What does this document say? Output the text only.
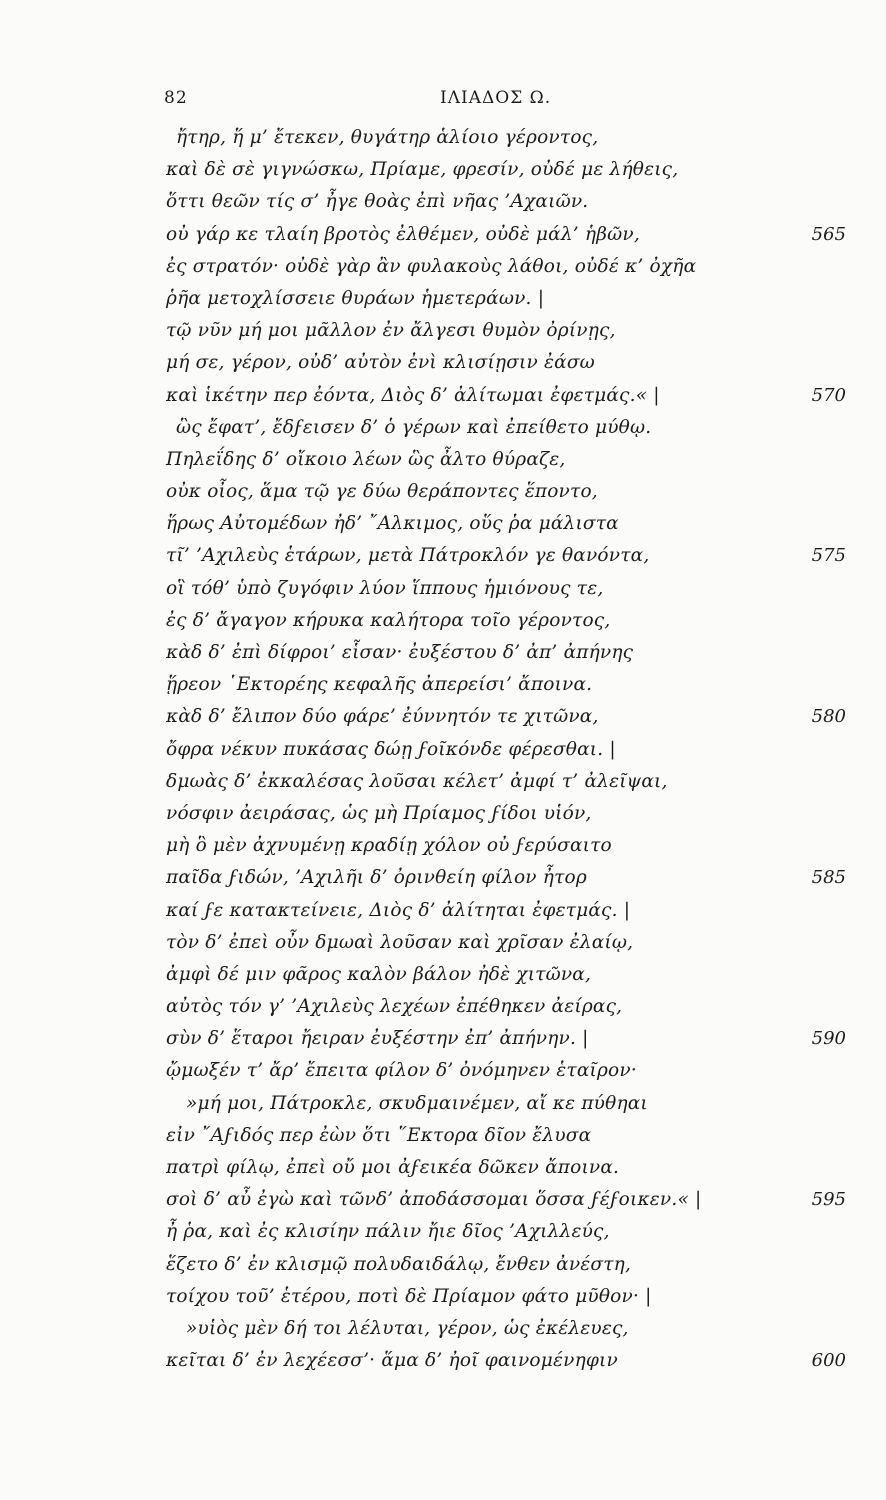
82	ΙΛΙΑΔΟΣ Ω.
ἤτηρ, ἥ μ’ ἔτεκεν, θυγάτηρ ἁλίοιο γέροντος,
καὶ δὲ σὲ γιγνώσκω, Πρίαμε, φρεσίν, οὐδέ με λήθεις,
ὅττι θεῶν τίς σ’ ἦγε θοὰς ἐπὶ νῆας ’Αχαιῶν.
οὐ γάρ κε τλαίη βροτὸς ἐλθέμεν, οὐδὲ μάλ’ ἡβῶν,	565
ἐς στρατόν· οὐδὲ γὰρ ἂν φυλακοὺς λάθοι, οὐδέ κ’ ὀχῆα
ῥῆα μετοχλίσσειε θυράων ἡμετεράων. |
τῷ νῦν μή μοι μᾶλλον ἐν ἄλγεσι θυμὸν ὀρίνῃς,
μή σε, γέρον, οὐδ’ αὐτὸν ἐνὶ κλισίῃσιν ἐάσω
καὶ ἱκέτην περ ἐόντα, Διὸς δ’ ἀλίτωμαι ἐφετμάς.« |	570
ὣς ἔφατ’, ἔδϝεισεν δ’ ὁ γέρων καὶ ἐπείθετο μύθῳ.
Πηλεΐδης δ’ οἴκοιο λέων ὣς ἆλτο θύραζε,
οὐκ οἶος, ἅμα τῷ γε δύω θεράποντες ἕποντο,
ἥρως Αὐτομέδων ἠδ’ ῎Αλκιμος, οὕς ῥα μάλιστα
τῖ’ ’Αχιλεὺς ἑτάρων, μετὰ Πάτροκλόν γε θανόντα,	575
οἳ τόθ’ ὑπὸ ζυγόφιν λύον ἵππους ἡμιόνους τε,
ἐς δ’ ἄγαγον κήρυκα καλήτορα τοῖο γέροντος,
κὰδ δ’ ἐπὶ δίφροι’ εἷσαν· ἐυξέστου δ’ ἀπ’ ἀπήνης
ᾕρεον ῾Εκτορέης κεφαλῆς ἀπερείσι’ ἄποινα.
κὰδ δ’ ἔλιπον δύο φάρε’ ἐύννητόν τε χιτῶνα,	580
ὄφρα νέκυν πυκάσας δώῃ ϝοῖκόνδε φέρεσθαι. |
δμωὰς δ’ ἐκκαλέσας λοῦσαι κέλετ’ ἀμφί τ’ ἀλεῖψαι,
νόσφιν ἀειράσας, ὡς μὴ Πρίαμος ϝίδοι υἱόν,
μὴ ὃ μὲν ἀχνυμένῃ κραδίῃ χόλον οὐ ϝερύσαιτο
παῖδα ϝιδών, ’Αχιλῆι δ’ ὀρινθείη φίλον ἦτορ	585
καί ϝε κατακτείνειε, Διὸς δ’ ἀλίτηται ἐφετμάς. |
τὸν δ’ ἐπεὶ οὖν δμωαὶ λοῦσαν καὶ χρῖσαν ἐλαίῳ,
ἀμφὶ δέ μιν φᾶρος καλὸν βάλον ἠδὲ χιτῶνα,
αὐτὸς τόν γ’ ’Αχιλεὺς λεχέων ἐπέθηκεν ἀείρας,
σὺν δ’ ἕταροι ἤειραν ἐυξέστην ἐπ’ ἀπήνην. |	590
ᾤμωξέν τ’ ἄρ’ ἔπειτα φίλον δ’ ὀνόμηνεν ἑταῖρον·
»μή μοι, Πάτροκλε, σκυδμαινέμεν, αἴ κε πύθηαι
εἰν ῎Αϝιδός περ ἐὼν ὅτι ῞Εκτορα δῖον ἔλυσα
πατρὶ φίλῳ, ἐπεὶ οὔ μοι ἀϝεικέα δῶκεν ἄποινα.
σοὶ δ’ αὖ ἐγὼ καὶ τῶνδ’ ἀποδάσσομαι ὅσσα ϝέϝοικεν.« |	595
ἦ ῥα, καὶ ἐς κλισίην πάλιν ἤιε δῖος ’Αχιλλεύς,
ἕζετο δ’ ἐν κλισμῷ πολυδαιδάλῳ, ἔνθεν ἀνέστη,
τοίχου τοῦ’ ἑτέρου, ποτὶ δὲ Πρίαμον φάτο μῦθον· |
»υἱὸς μὲν δή τοι λέλυται, γέρον, ὡς ἐκέλευες,
κεῖται δ’ ἐν λεχέεσσ’· ἅμα δ’ ἠοῖ φαινομένηφιν	600
